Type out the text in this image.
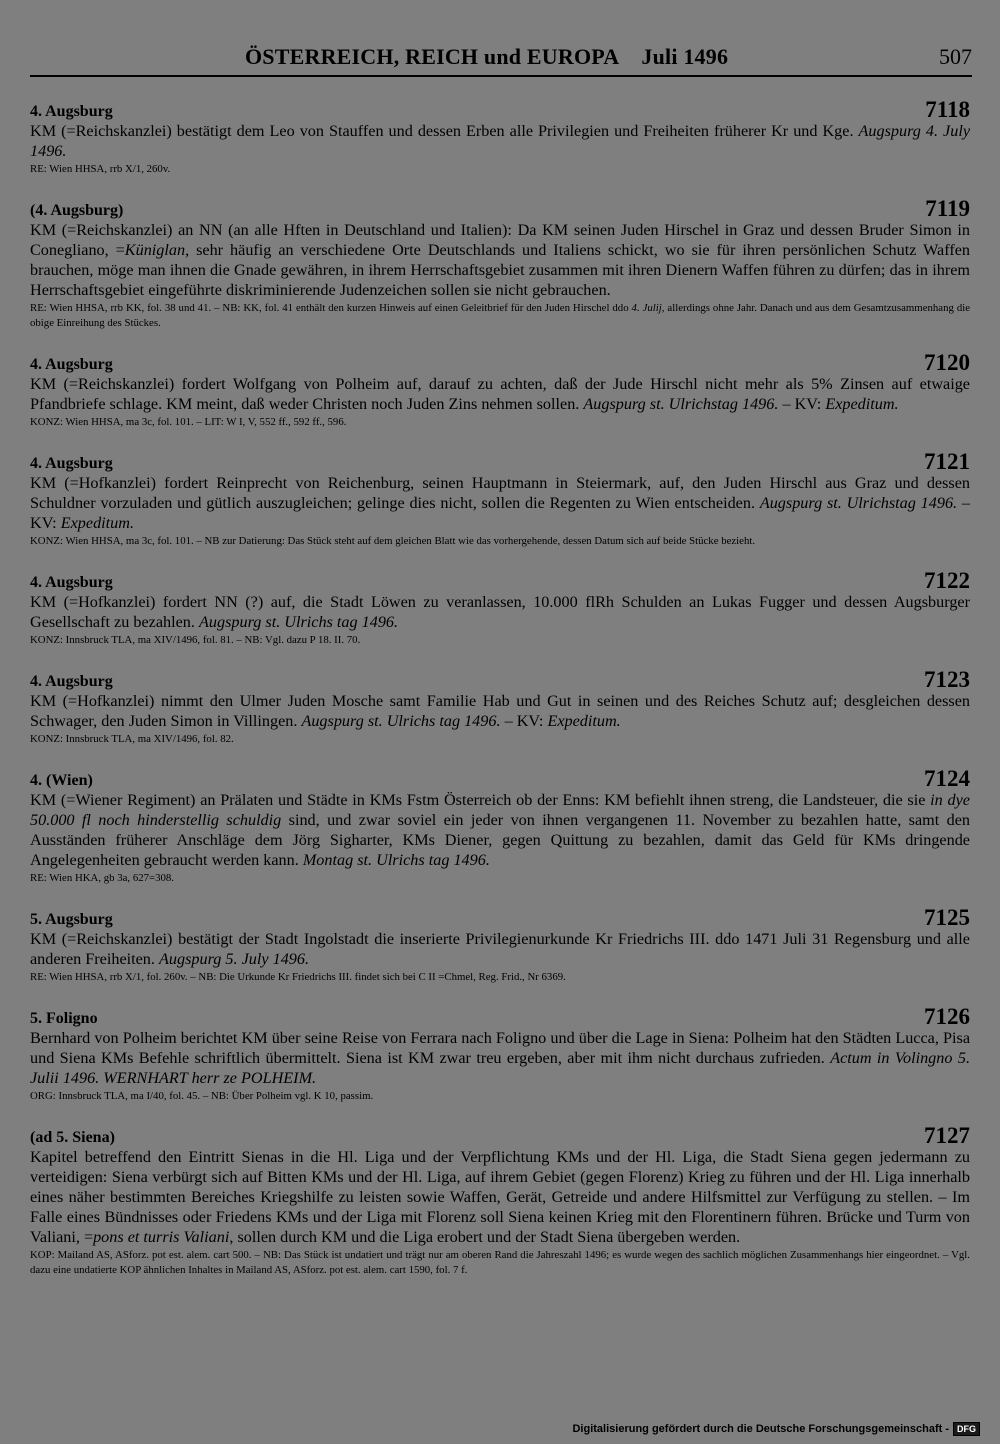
ÖSTERREICH, REICH und EUROPA Juli 1496	507
4. Augsburg	7118
KM (=Reichskanzlei) bestätigt dem Leo von Stauffen und dessen Erben alle Privilegien und Freiheiten früherer Kr und Kge. Augspurg 4. July 1496.
RE: Wien HHSA, rrb X/1, 260v.
(4. Augsburg)	7119
KM (=Reichskanzlei) an NN (an alle Hften in Deutschland und Italien): Da KM seinen Juden Hirschel in Graz und dessen Bruder Simon in Conegliano, =Küniglan, sehr häufig an verschiedene Orte Deutschlands und Italiens schickt, wo sie für ihren persönlichen Schutz Waffen brauchen, möge man ihnen die Gnade gewähren, in ihrem Herrschaftsgebiet zusammen mit ihren Dienern Waffen führen zu dürfen; das in ihrem Herrschaftsgebiet eingeführte diskriminierende Judenzeichen sollen sie nicht gebrauchen.
RE: Wien HHSA, rrb KK, fol. 38 und 41. – NB: KK, fol. 41 enthält den kurzen Hinweis auf einen Geleitbrief für den Juden Hirschel ddo 4. Julij, allerdings ohne Jahr. Danach und aus dem Gesamtzusammenhang die obige Einreihung des Stückes.
4. Augsburg	7120
KM (=Reichskanzlei) fordert Wolfgang von Polheim auf, darauf zu achten, daß der Jude Hirschl nicht mehr als 5% Zinsen auf etwaige Pfandbriefe schlage. KM meint, daß weder Christen noch Juden Zins nehmen sollen. Augspurg st. Ulrichstag 1496. – KV: Expeditum.
KONZ: Wien HHSA, ma 3c, fol. 101. – LIT: W I, V, 552 ff., 592 ff., 596.
4. Augsburg	7121
KM (=Hofkanzlei) fordert Reinprecht von Reichenburg, seinen Hauptmann in Steiermark, auf, den Juden Hirschl aus Graz und dessen Schuldner vorzuladen und gütlich auszugleichen; gelinge dies nicht, sollen die Regenten zu Wien entscheiden. Augspurg st. Ulrichstag 1496. – KV: Expeditum.
KONZ: Wien HHSA, ma 3c, fol. 101. – NB zur Datierung: Das Stück steht auf dem gleichen Blatt wie das vorhergehende, dessen Datum sich auf beide Stücke bezieht.
4. Augsburg	7122
KM (=Hofkanzlei) fordert NN (?) auf, die Stadt Löwen zu veranlassen, 10.000 flRh Schulden an Lukas Fugger und dessen Augsburger Gesellschaft zu bezahlen. Augspurg st. Ulrichs tag 1496.
KONZ: Innsbruck TLA, ma XIV/1496, fol. 81. – NB: Vgl. dazu P 18. II. 70.
4. Augsburg	7123
KM (=Hofkanzlei) nimmt den Ulmer Juden Mosche samt Familie Hab und Gut in seinen und des Reiches Schutz auf; desgleichen dessen Schwager, den Juden Simon in Villingen. Augspurg st. Ulrichs tag 1496. – KV: Expeditum.
KONZ: Innsbruck TLA, ma XIV/1496, fol. 82.
4. (Wien)	7124
KM (=Wiener Regiment) an Prälaten und Städte in KMs Fstm Österreich ob der Enns: KM befiehlt ihnen streng, die Landsteuer, die sie in dye 50.000 fl noch hinderstellig schuldig sind, und zwar soviel ein jeder von ihnen vergangenen 11. November zu bezahlen hatte, samt den Ausständen früherer Anschläge dem Jörg Sigharter, KMs Diener, gegen Quittung zu bezahlen, damit das Geld für KMs dringende Angelegenheiten gebraucht werden kann. Montag st. Ulrichs tag 1496.
RE: Wien HKA, gb 3a, 627=308.
5. Augsburg	7125
KM (=Reichskanzlei) bestätigt der Stadt Ingolstadt die inserierte Privilegienurkunde Kr Friedrichs III. ddo 1471 Juli 31 Regensburg und alle anderen Freiheiten. Augspurg 5. July 1496.
RE: Wien HHSA, rrb X/1, fol. 260v. – NB: Die Urkunde Kr Friedrichs III. findet sich bei C II =Chmel, Reg. Frid., Nr 6369.
5. Foligno	7126
Bernhard von Polheim berichtet KM über seine Reise von Ferrara nach Foligno und über die Lage in Siena: Polheim hat den Städten Lucca, Pisa und Siena KMs Befehle schriftlich übermittelt. Siena ist KM zwar treu ergeben, aber mit ihm nicht durchaus zufrieden. Actum in Volingno 5. Julii 1496. WERNHART herr ze POLHEIM.
ORG: Innsbruck TLA, ma I/40, fol. 45. – NB: Über Polheim vgl. K 10, passim.
(ad 5. Siena)	7127
Kapitel betreffend den Eintritt Sienas in die Hl. Liga und der Verpflichtung KMs und der Hl. Liga, die Stadt Siena gegen jedermann zu verteidigen: Siena verbürgt sich auf Bitten KMs und der Hl. Liga, auf ihrem Gebiet (gegen Florenz) Krieg zu führen und der Hl. Liga innerhalb eines näher bestimmten Bereiches Kriegshilfe zu leisten sowie Waffen, Gerät, Getreide und andere Hilfsmittel zur Verfügung zu stellen. – Im Falle eines Bündnisses oder Friedens KMs und der Liga mit Florenz soll Siena keinen Krieg mit den Florentinern führen. Brücke und Turm von Valiani, =pons et turris Valiani, sollen durch KM und die Liga erobert und der Stadt Siena übergeben werden.
KOP: Mailand AS, ASforz. pot est. alem. cart 500. – NB: Das Stück ist undatiert und trägt nur am oberen Rand die Jahreszahl 1496; es wurde wegen des sachlich möglichen Zusammenhangs hier eingeordnet. – Vgl. dazu eine undatierte KOP ähnlichen Inhaltes in Mailand AS, ASforz. pot est. alem. cart 1590, fol. 7 f.
Digitalisierung gefördert durch die Deutsche Forschungsgemeinschaft - DFG
